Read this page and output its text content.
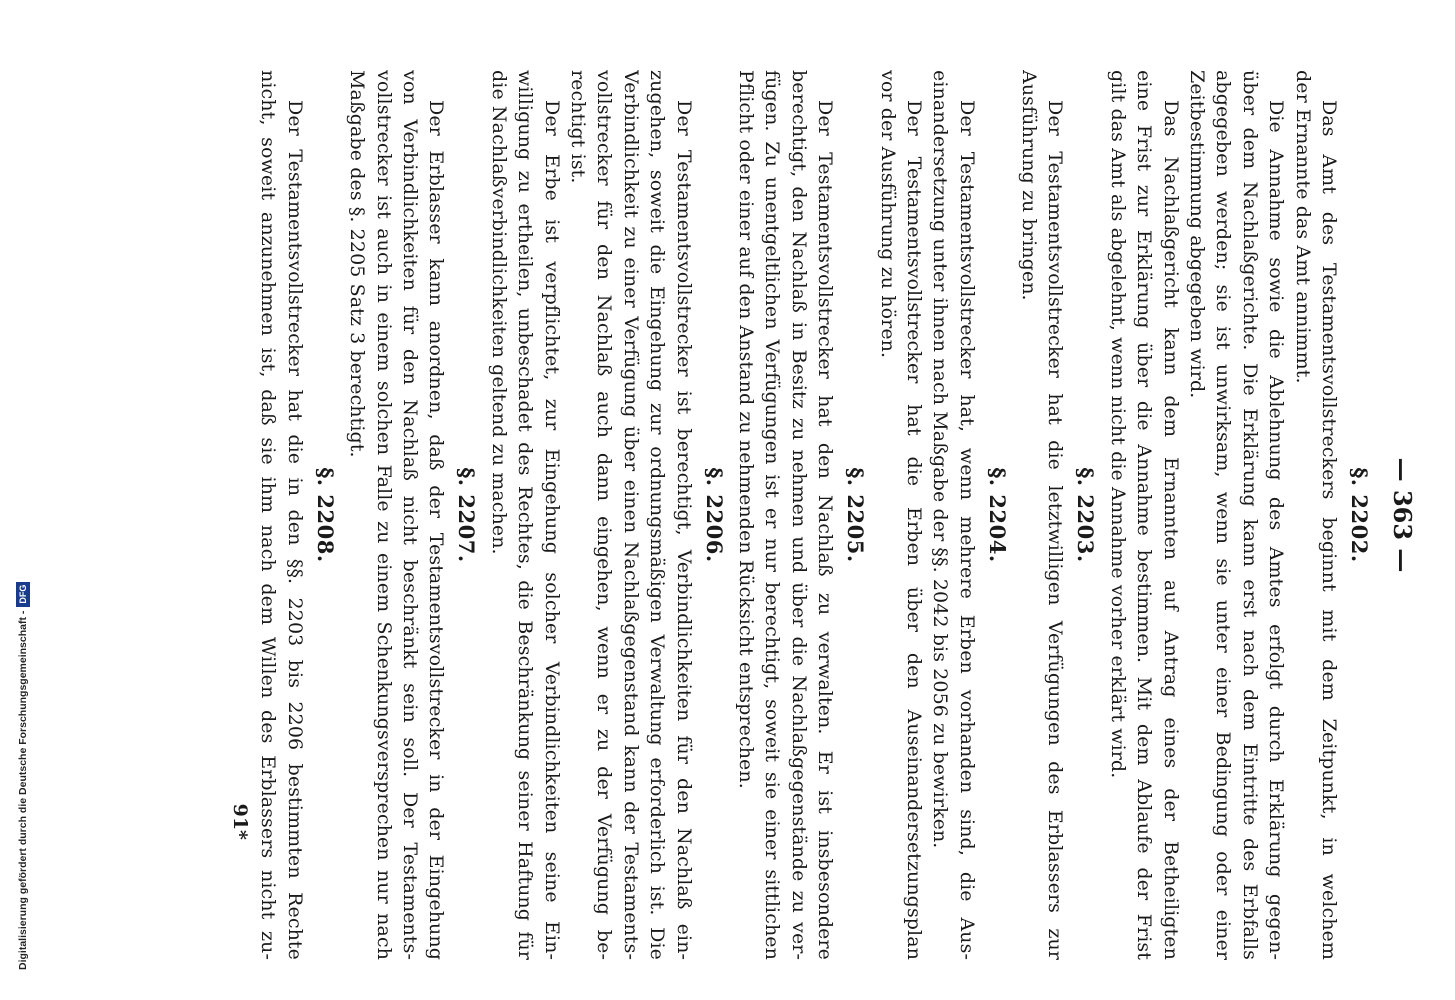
— 363 —
§. 2202.
Das Amt des Testamentsvollstreckers beginnt mit dem Zeitpunkt, in welchem
der Ernannte das Amt annimmt.
Die Annahme sowie die Ablehnung des Amtes erfolgt durch Erklärung gegen-
über dem Nachlaßgerichte. Die Erklärung kann erst nach dem Eintritte des Erbfalls
abgegeben werden; sie ist unwirksam, wenn sie unter einer Bedingung oder einer
Zeitbestimmung abgegeben wird.
Das Nachlaßgericht kann dem Ernannten auf Antrag eines der Betheiligten
eine Frist zur Erklärung über die Annahme bestimmen. Mit dem Ablaufe der Frist
gilt das Amt als abgelehnt, wenn nicht die Annahme vorher erklärt wird.
§. 2203.
Der Testamentsvollstrecker hat die letztwilligen Verfügungen des Erblassers zur
Ausführung zu bringen.
§. 2204.
Der Testamentsvollstrecker hat, wenn mehrere Erben vorhanden sind, die Aus-
einandersetzung unter ihnen nach Maßgabe der §§. 2042 bis 2056 zu bewirken.
Der Testamentsvollstrecker hat die Erben über den Auseinandersetzungsplan
vor der Ausführung zu hören.
§. 2205.
Der Testamentsvollstrecker hat den Nachlaß zu verwalten. Er ist insbesondere
berechtigt, den Nachlaß in Besitz zu nehmen und über die Nachlaßgegenstände zu ver-
fügen. Zu unentgeltlichen Verfügungen ist er nur berechtigt, soweit sie einer sittlichen
Pflicht oder einer auf den Anstand zu nehmenden Rücksicht entsprechen.
§. 2206.
Der Testamentsvollstrecker ist berechtigt, Verbindlichkeiten für den Nachlaß ein-
zugehen, soweit die Eingehung zur ordnungsmäßigen Verwaltung erforderlich ist. Die
Verbindlichkeit zu einer Verfügung über einen Nachlaßgegenstand kann der Testaments-
vollstrecker für den Nachlaß auch dann eingehen, wenn er zu der Verfügung be-
rechtigt ist.
Der Erbe ist verpflichtet, zur Eingehung solcher Verbindlichkeiten seine Ein-
willigung zu ertheilen, unbeschadet des Rechtes, die Beschränkung seiner Haftung für
die Nachlaßverbindlichkeiten geltend zu machen.
§. 2207.
Der Erblasser kann anordnen, daß der Testamentsvollstrecker in der Eingehung
von Verbindlichkeiten für den Nachlaß nicht beschränkt sein soll. Der Testaments-
vollstrecker ist auch in einem solchen Falle zu einem Schenkungsversprechen nur nach
Maßgabe des §. 2205 Satz 3 berechtigt.
§. 2208.
Der Testamentsvollstrecker hat die in den §§. 2203 bis 2206 bestimmten Rechte
nicht, soweit anzunehmen ist, daß sie ihm nach dem Willen des Erblassers nicht zu-
91*
Digitalisierung gefördert durch die Deutsche Forschungsgemeinschaft -
DFG
